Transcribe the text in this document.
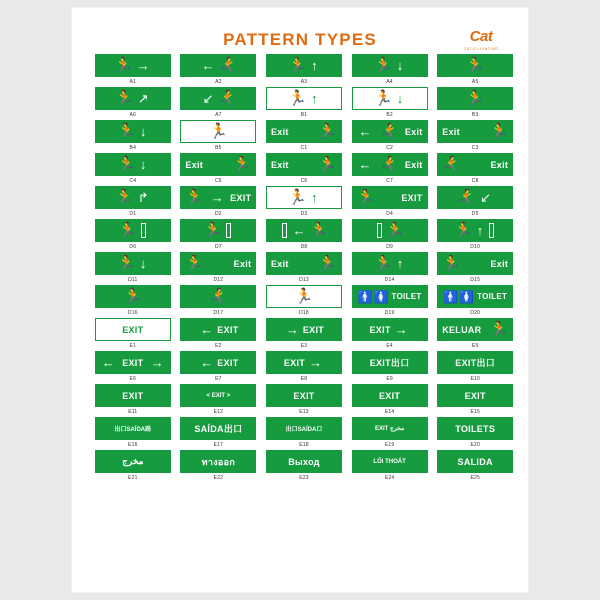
PATTERN TYPES	Cat
CAT-9 LIGHTING
🏃 →
A1
← 🏃
A2
🏃 ↑
A3
🏃 ↓
A4
🏃
A5
🏃 ↗
A6
↙ 🏃
A7
🏃 ↑
B1
🏃 ↓
B2
🏃
B3
🏃 ↓
B4
🏃
B5
Exit 🏃
C1
← 🏃 Exit
C2
Exit 🏃
C3
🏃 ↓
C4
Exit 🏃
C5
Exit 🏃
C6
← 🏃 Exit
C7
🏃	Exit
C8
🏃 ↱
D1
🏃 → EXIT
D2
🏃 ↑
D3
🏃	EXIT
D4
🏃 ↙
D5
🏃
D6
🏃
D7
← 🏃
D8
🏃
D9
🏃 ↑
D10
🏃 ↓
D11
🏃	Exit
D12
Exit 🏃
D13
🏃 ↑
D14
🏃	Exit
D15
🏃
D16
🏃
D17
🏃
D18
🚹🚺 TOILET
D19
🚹🚺 TOILET
D20
EXIT
E1
← EXIT
E2
→ EXIT
E3
EXIT →
E4
KELUAR 🏃
E5
← EXIT →
E6
← EXIT
E7
EXIT →
E8
EXIT出口
E9
EXIT出口
E10
EXIT
E11
< EXIT >
E12
EXIT
E13
EXIT
E14
EXIT
E15
出口SAÍDA路
E16
SAÍDA出口
E17
出口SAÍDA口
E18
EXIT مخرج
E19
TOILETS
E20
مخرج
E21
ทางออก
E22
Выход
E23
LỐI THOÁT
E24
SALIDA
E25
